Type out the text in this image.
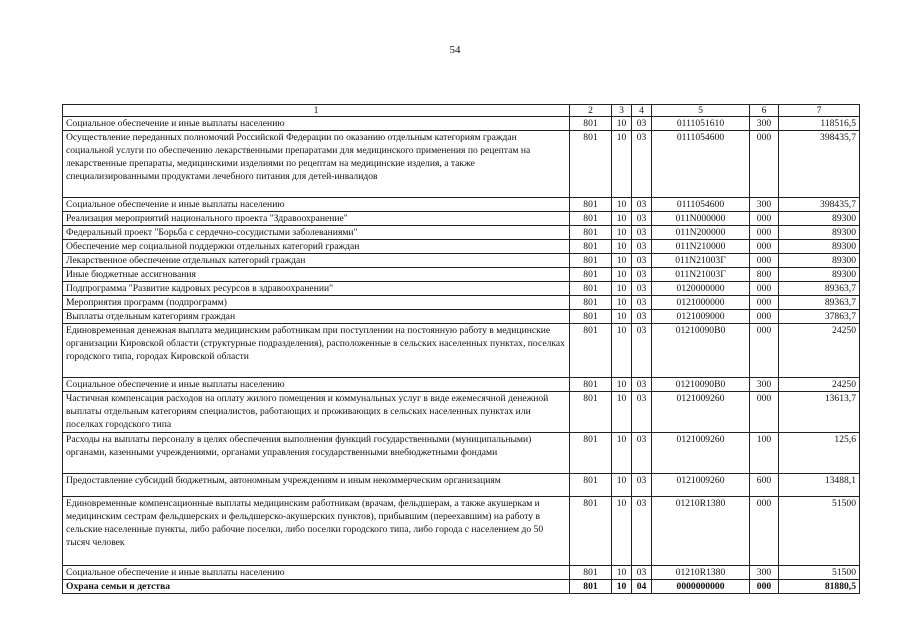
54
1	2	3	4	5	6	7
Социальное обеспечение и иные выплаты населению	801	10	03	0111051610	300	118516,5
Осуществление переданных полномочий Российской Федерации по оказанию отдельным категориям граждан социальной услуги по обеспечению лекарственными препаратами для медицинского применения по рецептам на лекарственные препараты, медицинскими изделиями по рецептам на медицинские изделия, а также специализированными продуктами лечебного питания для детей-инвалидов	801	10	03	0111054600	000	398435,7
Социальное обеспечение и иные выплаты населению	801	10	03	0111054600	300	398435,7
Реализация мероприятий национального проекта "Здравоохранение"	801	10	03	011N000000	000	89300
Федеральный проект "Борьба с сердечно-сосудистыми заболеваниями"	801	10	03	011N200000	000	89300
Обеспечение мер социальной поддержки отдельных категорий граждан	801	10	03	011N210000	000	89300
Лекарственное обеспечение отдельных категорий граждан	801	10	03	011N21003Г	000	89300
Иные бюджетные ассигнования	801	10	03	011N21003Г	800	89300
Подпрограмма "Развитие кадровых ресурсов в здравоохранении"	801	10	03	0120000000	000	89363,7
Мероприятия программ (подпрограмм)	801	10	03	0121000000	000	89363,7
Выплаты отдельным категориям граждан	801	10	03	0121009000	000	37863,7
Единовременная денежная выплата медицинским работникам при поступлении на постоянную работу в медицинские организации Кировской области (структурные подразделения), расположенные в сельских населенных пунктах, поселках городского типа, городах Кировской области	801	10	03	01210090В0	000	24250
Социальное обеспечение и иные выплаты населению	801	10	03	01210090В0	300	24250
Частичная компенсация расходов на оплату жилого помещения и коммунальных услуг в виде ежемесячной денежной выплаты отдельным категориям специалистов, работающих и проживающих в сельских населенных пунктах или поселках городского типа	801	10	03	0121009260	000	13613,7
Расходы на выплаты персоналу в целях обеспечения выполнения функций государственными (муниципальными) органами, казенными учреждениями, органами управления государственными внебюджетными фондами	801	10	03	0121009260	100	125,6
Предоставление субсидий бюджетным, автономным учреждениям и иным некоммерческим организациям	801	10	03	0121009260	600	13488,1
Единовременные компенсационные выплаты медицинским работникам (врачам, фельдшерам, а также акушеркам и медицинским сестрам фельдшерских и фельдшерско-акушерских пунктов), прибывшим (переехавшим) на работу в сельские населенные пункты, либо рабочие поселки, либо поселки городского типа, либо города с населением до 50 тысяч человек	801	10	03	01210R1380	000	51500
Социальное обеспечение и иные выплаты населению	801	10	03	01210R1380	300	51500
Охрана семьи и детства	801	10	04	0000000000	000	81880,5
